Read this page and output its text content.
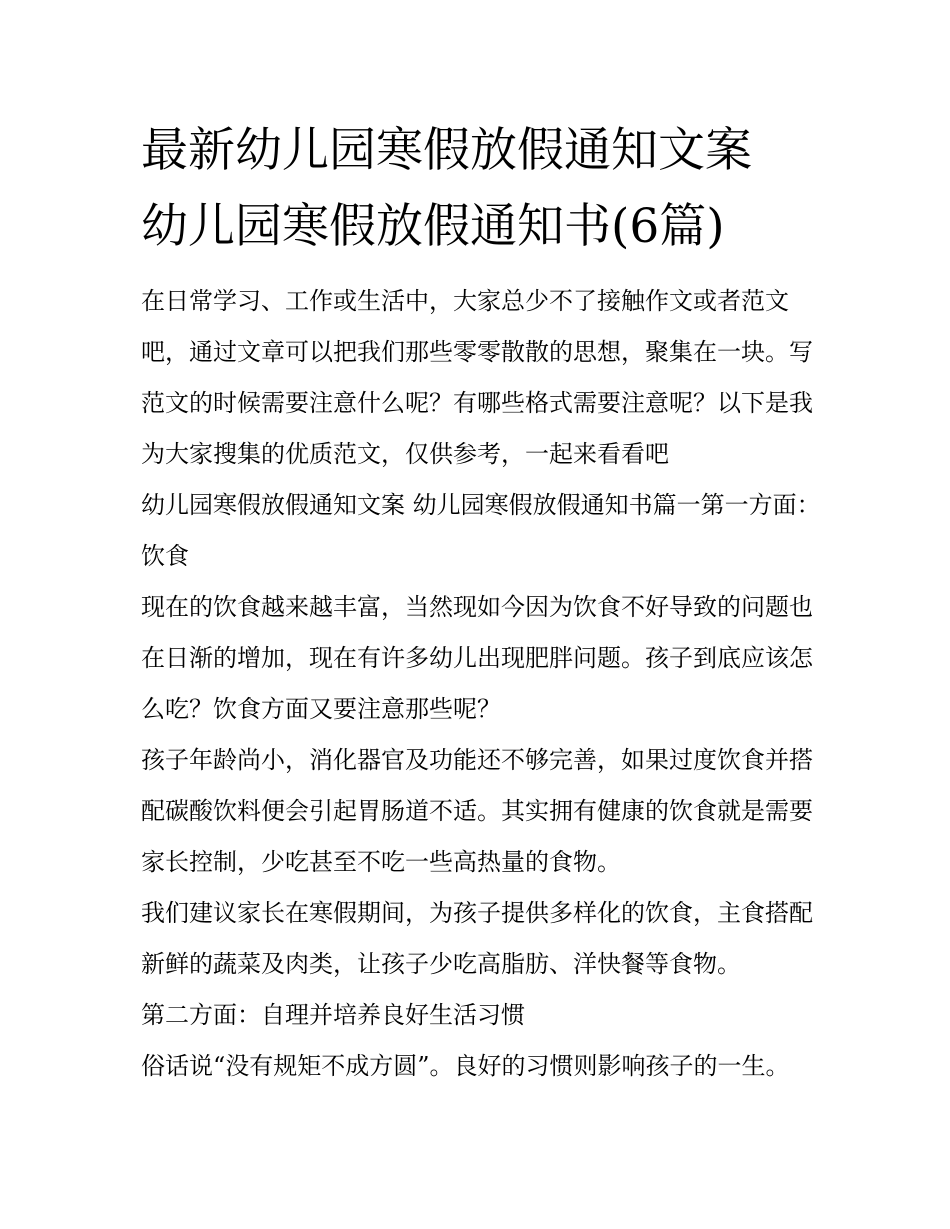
最新幼儿园寒假放假通知文案
幼儿园寒假放假通知书(6篇)

在日常学习、工作或生活中，大家总少不了接触作文或者范文吧，通过文章可以把我们那些零零散散的思想，聚集在一块。写范文的时候需要注意什么呢？有哪些格式需要注意呢？以下是我为大家搜集的优质范文，仅供参考，一起来看看吧

幼儿园寒假放假通知文案 幼儿园寒假放假通知书篇一第一方面：饮食

现在的饮食越来越丰富，当然现如今因为饮食不好导致的问题也在日渐的增加，现在有许多幼儿出现肥胖问题。孩子到底应该怎么吃？饮食方面又要注意那些呢？

孩子年龄尚小，消化器官及功能还不够完善，如果过度饮食并搭配碳酸饮料便会引起胃肠道不适。其实拥有健康的饮食就是需要家长控制，少吃甚至不吃一些高热量的食物。

我们建议家长在寒假期间，为孩子提供多样化的饮食，主食搭配新鲜的蔬菜及肉类，让孩子少吃高脂肪、洋快餐等食物。

第二方面：自理并培养良好生活习惯

俗话说“没有规矩不成方圆”。良好的习惯则影响孩子的一生。
